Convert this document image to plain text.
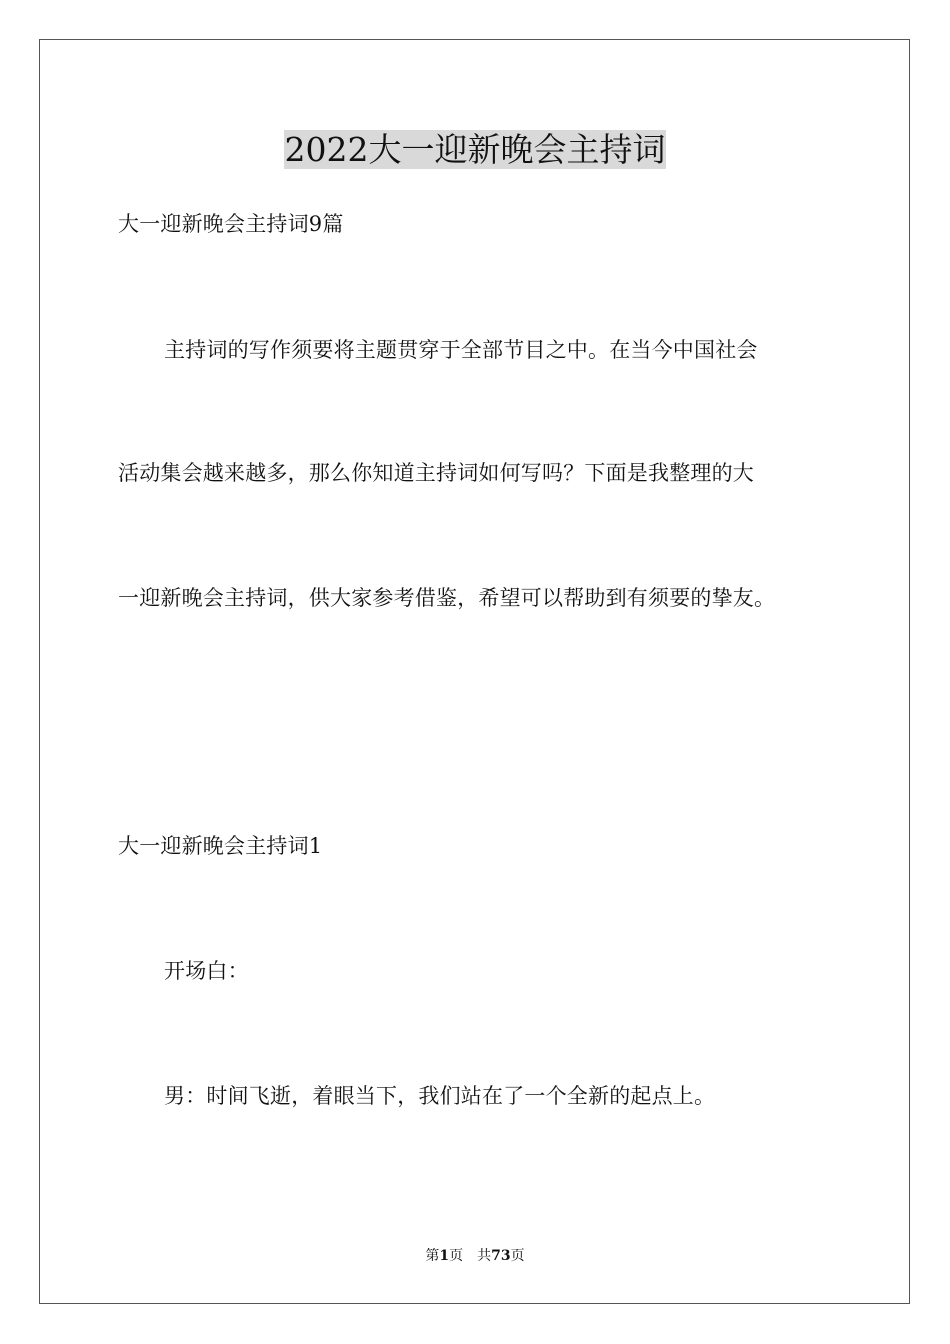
2022大一迎新晚会主持词
大一迎新晚会主持词9篇
主持词的写作须要将主题贯穿于全部节目之中。在当今中国社会
活动集会越来越多，那么你知道主持词如何写吗？下面是我整理的大
一迎新晚会主持词，供大家参考借鉴，希望可以帮助到有须要的挚友。
大一迎新晚会主持词1
开场白：
男：时间飞逝，着眼当下，我们站在了一个全新的起点上。
第1页 共73页
